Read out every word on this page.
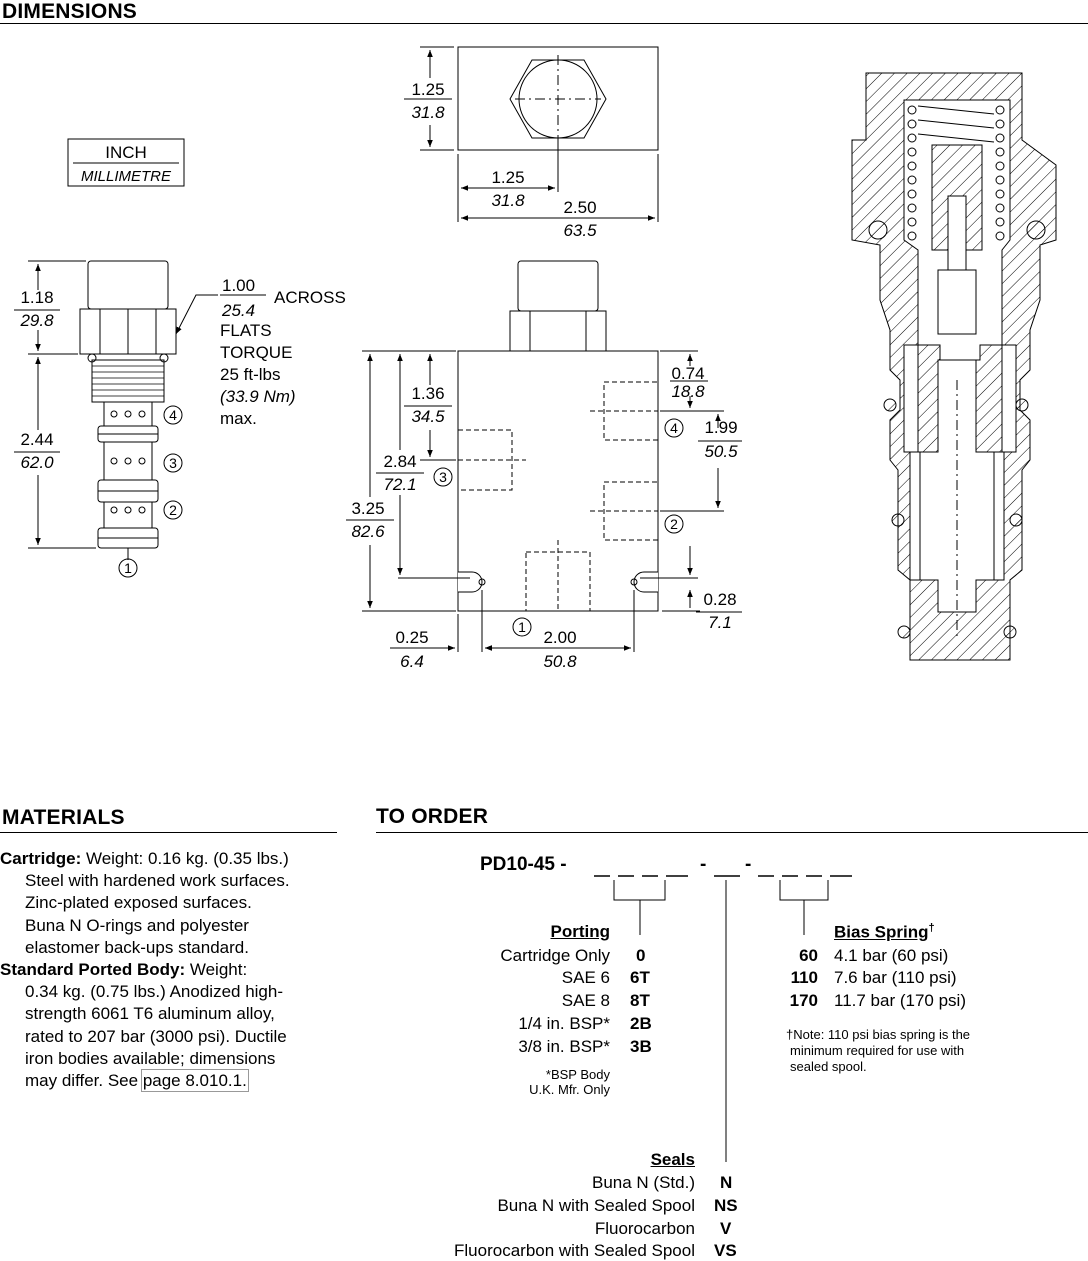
DIMENSIONS
4
3
2
1
4
3
2
1
INCH
MILLIMETRE
1.25
31.8
1.25
31.8 2.50
63.5
1.18
29.8
2.44
62.0
1.36
34.5
2.84
72.1
3.25
82.6
0.74
18.8
1.99
50.5
0.28
7.1
0.25
6.4
2.00
50.8
1.00
25.4
ACROSS
FLATS
TORQUE
25 ft-lbs
(33.9 Nm)
max.
MATERIALS

Cartridge: Weight: 0.16 kg. (0.35 lbs.)

Steel with hardened work surfaces.

Zinc-plated exposed surfaces.

Buna N O-rings and polyester

elastomer back-ups standard.

Standard Ported Body: Weight:

0.34 kg. (0.75 lbs.) Anodized high-

strength 6061 T6 aluminum alloy,

rated to 207 bar (3000 psi). Ductile

iron bodies available; dimensions

may differ. See page 8.010.1.

TO ORDER
PD10-45 -	- -
Porting
Cartridge Only 0
SAE 6 6T
SAE 8 8T
1/4 in. BSP* 2B
3/8 in. BSP* 3B
*BSP Body
U.K. Mfr. Only
Bias Spring†
60 4.1 bar (60 psi)
110 7.6 bar (110 psi)
170 11.7 bar (170 psi)
†Note: 110 psi bias spring is the
minimum required for use with
sealed spool.
Seals
Buna N (Std.) N
Buna N with Sealed Spool NS
Fluorocarbon V
Fluorocarbon with Sealed Spool VS
